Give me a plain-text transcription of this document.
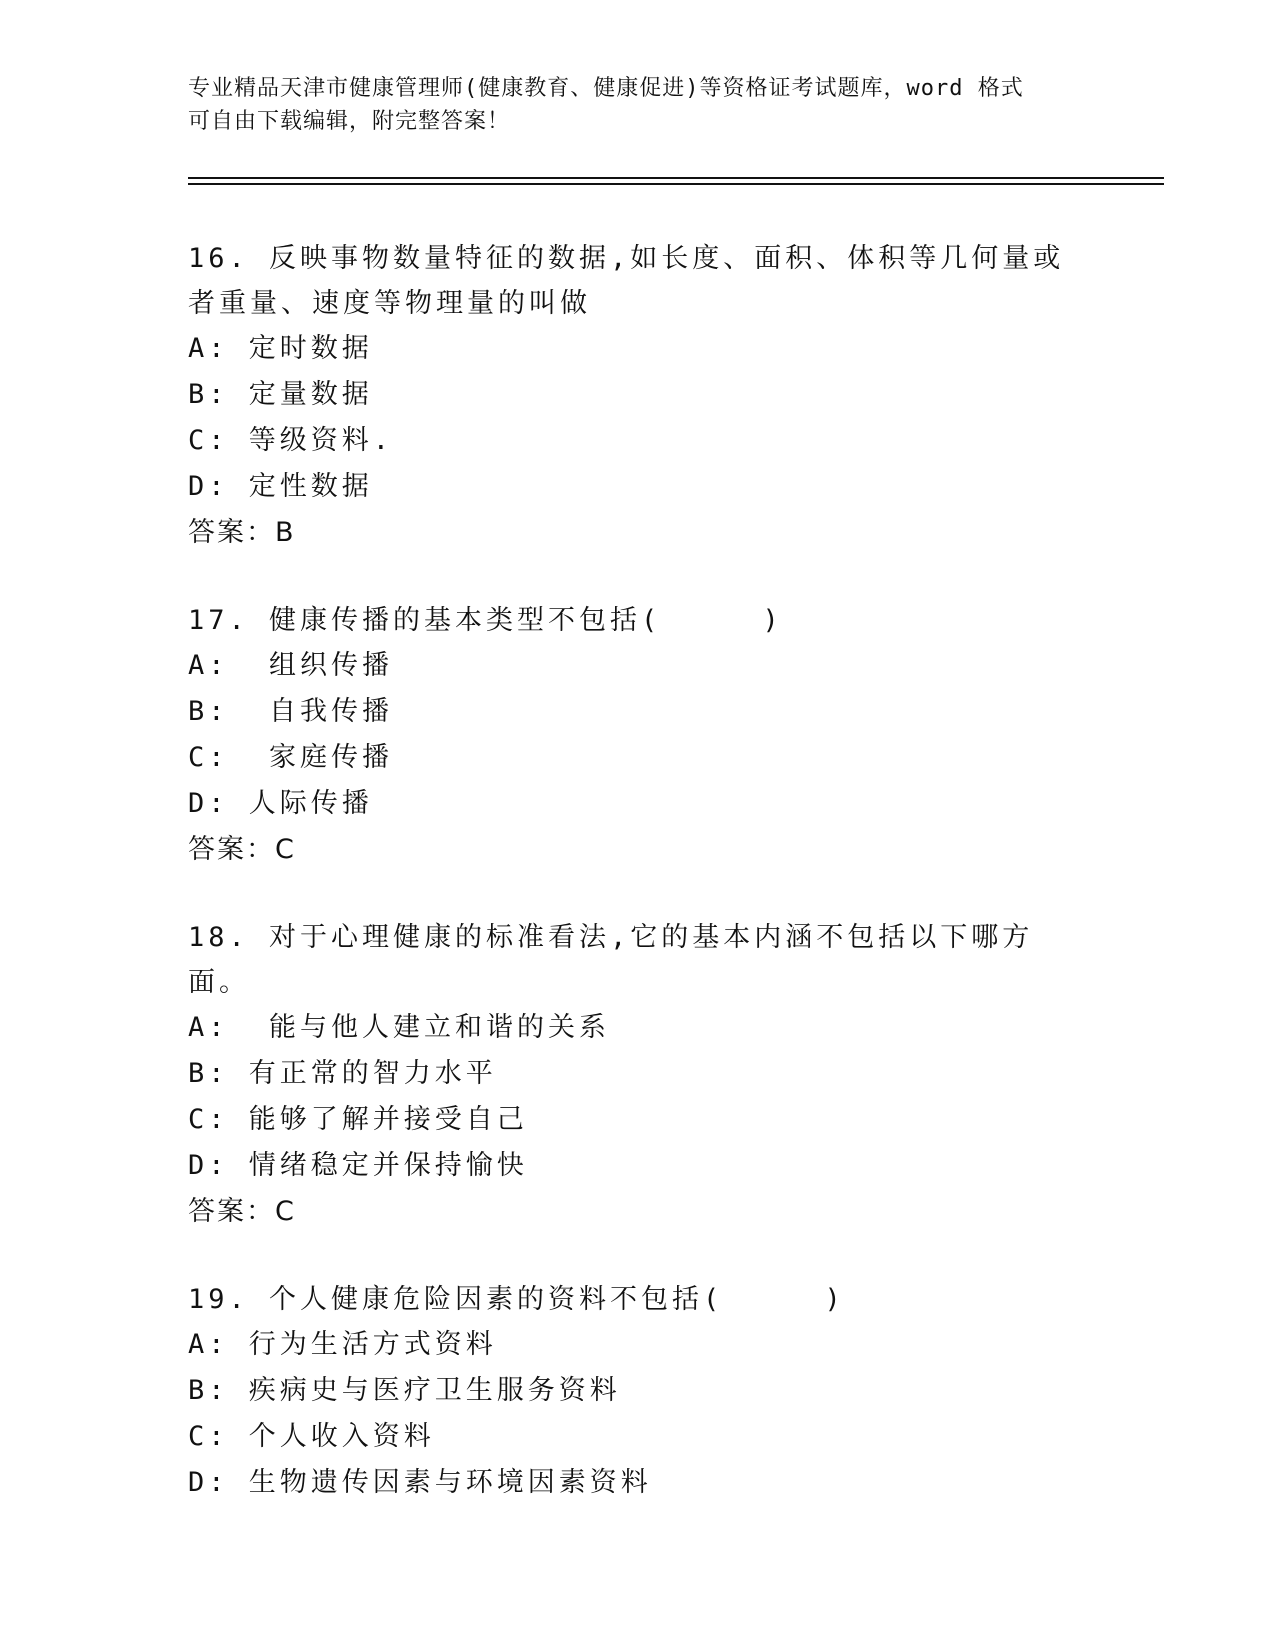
专业精品天津市健康管理师(健康教育、健康促进)等资格证考试题库，word 格式
可自由下载编辑，附完整答案！
16. 反映事物数量特征的数据,如长度、面积、体积等几何量或者重量、速度等物理量的叫做
A: 定时数据
B: 定量数据
C: 等级资料.
D: 定性数据
答案：B
17. 健康传播的基本类型不包括(     )
A:  组织传播
B:  自我传播
C:  家庭传播
D: 人际传播
答案：C
18. 对于心理健康的标准看法,它的基本内涵不包括以下哪方面。
A:  能与他人建立和谐的关系
B: 有正常的智力水平
C: 能够了解并接受自己
D: 情绪稳定并保持愉快
答案：C
19. 个人健康危险因素的资料不包括(     )
A: 行为生活方式资料
B: 疾病史与医疗卫生服务资料
C: 个人收入资料
D: 生物遗传因素与环境因素资料
